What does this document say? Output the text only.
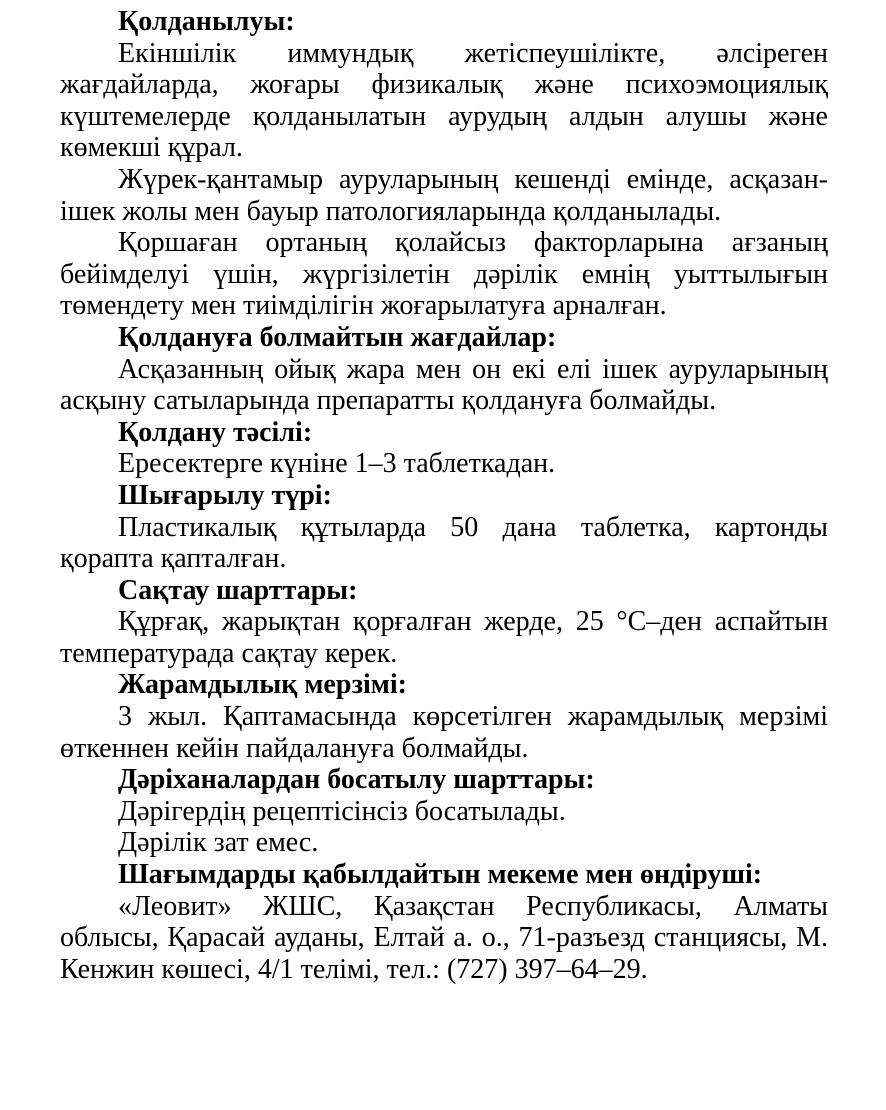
Қолданылуы:

Екіншілік иммундық жетіспеушілікте, әлсіреген жағдайларда, жоғары физикалық және психоэмоциялық күштемелерде қолданылатын аурудың алдын алушы және көмекші құрал.

Жүрек-қантамыр ауруларының кешенді емінде, асқазан-ішек жолы мен бауыр патологияларында қолданылады.

Қоршаған ортаның қолайсыз факторларына ағзаның бейімделуі үшін, жүргізілетін дәрілік емнің уыттылығын төмендету мен тиімділігін жоғарылатуға арналған.

Қолдануға болмайтын жағдайлар:

Асқазанның ойық жара мен он екі елі ішек ауруларының асқыну сатыларында препаратты қолдануға болмайды.

Қолдану тәсілі:

Ересектерге күніне 1–3 таблеткадан.

Шығарылу түрі:

Пластикалық құтыларда 50 дана таблетка, картонды қорапта қапталған.

Сақтау шарттары:

Құрғақ, жарықтан қорғалған жерде, 25 °С–ден аспайтын температурада сақтау керек.

Жарамдылық мерзімі:

3 жыл. Қаптамасында көрсетілген жарамдылық мерзімі өткеннен кейін пайдалануға болмайды.

Дәріханалардан босатылу шарттары:

Дәрігердің рецептісінсіз босатылады.

Дәрілік зат емес.

Шағымдарды қабылдайтын мекеме мен өндіруші:

«Леовит» ЖШС, Қазақстан Республикасы, Алматы облысы, Қарасай ауданы, Елтай а. о., 71-разъезд станциясы, М. Кенжин көшесі, 4/1 телімі, тел.: (727) 397–64–29.
